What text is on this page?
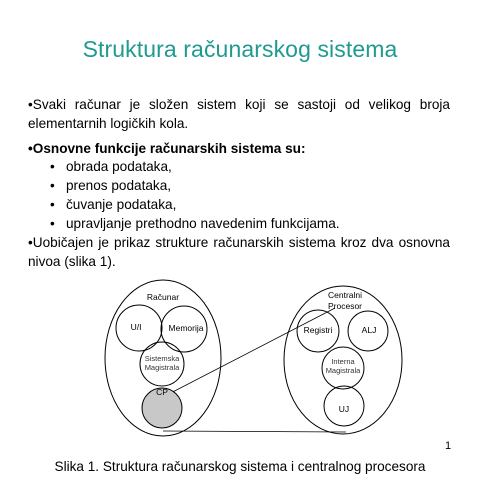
Struktura računarskog sistema
•Svaki računar je složen sistem koji se sastoji od velikog broja elementarnih logičkih kola.
•Osnovne funkcije računarskih sistema su:
• obrada podataka,
• prenos podataka,
• čuvanje podataka,
• upravljanje prethodno navedenim funkcijama.
•Uobičajen je prikaz strukture računarskih sistema kroz dva osnovna nivoa (slika 1).
Računar
U/I	Memorija
Sistemska
Magistrala
CP
Centralni
Procesor
Registri	ALJ
Interna
Magistrala
UJ
1
Slika 1. Struktura računarskog sistema i centralnog procesora
